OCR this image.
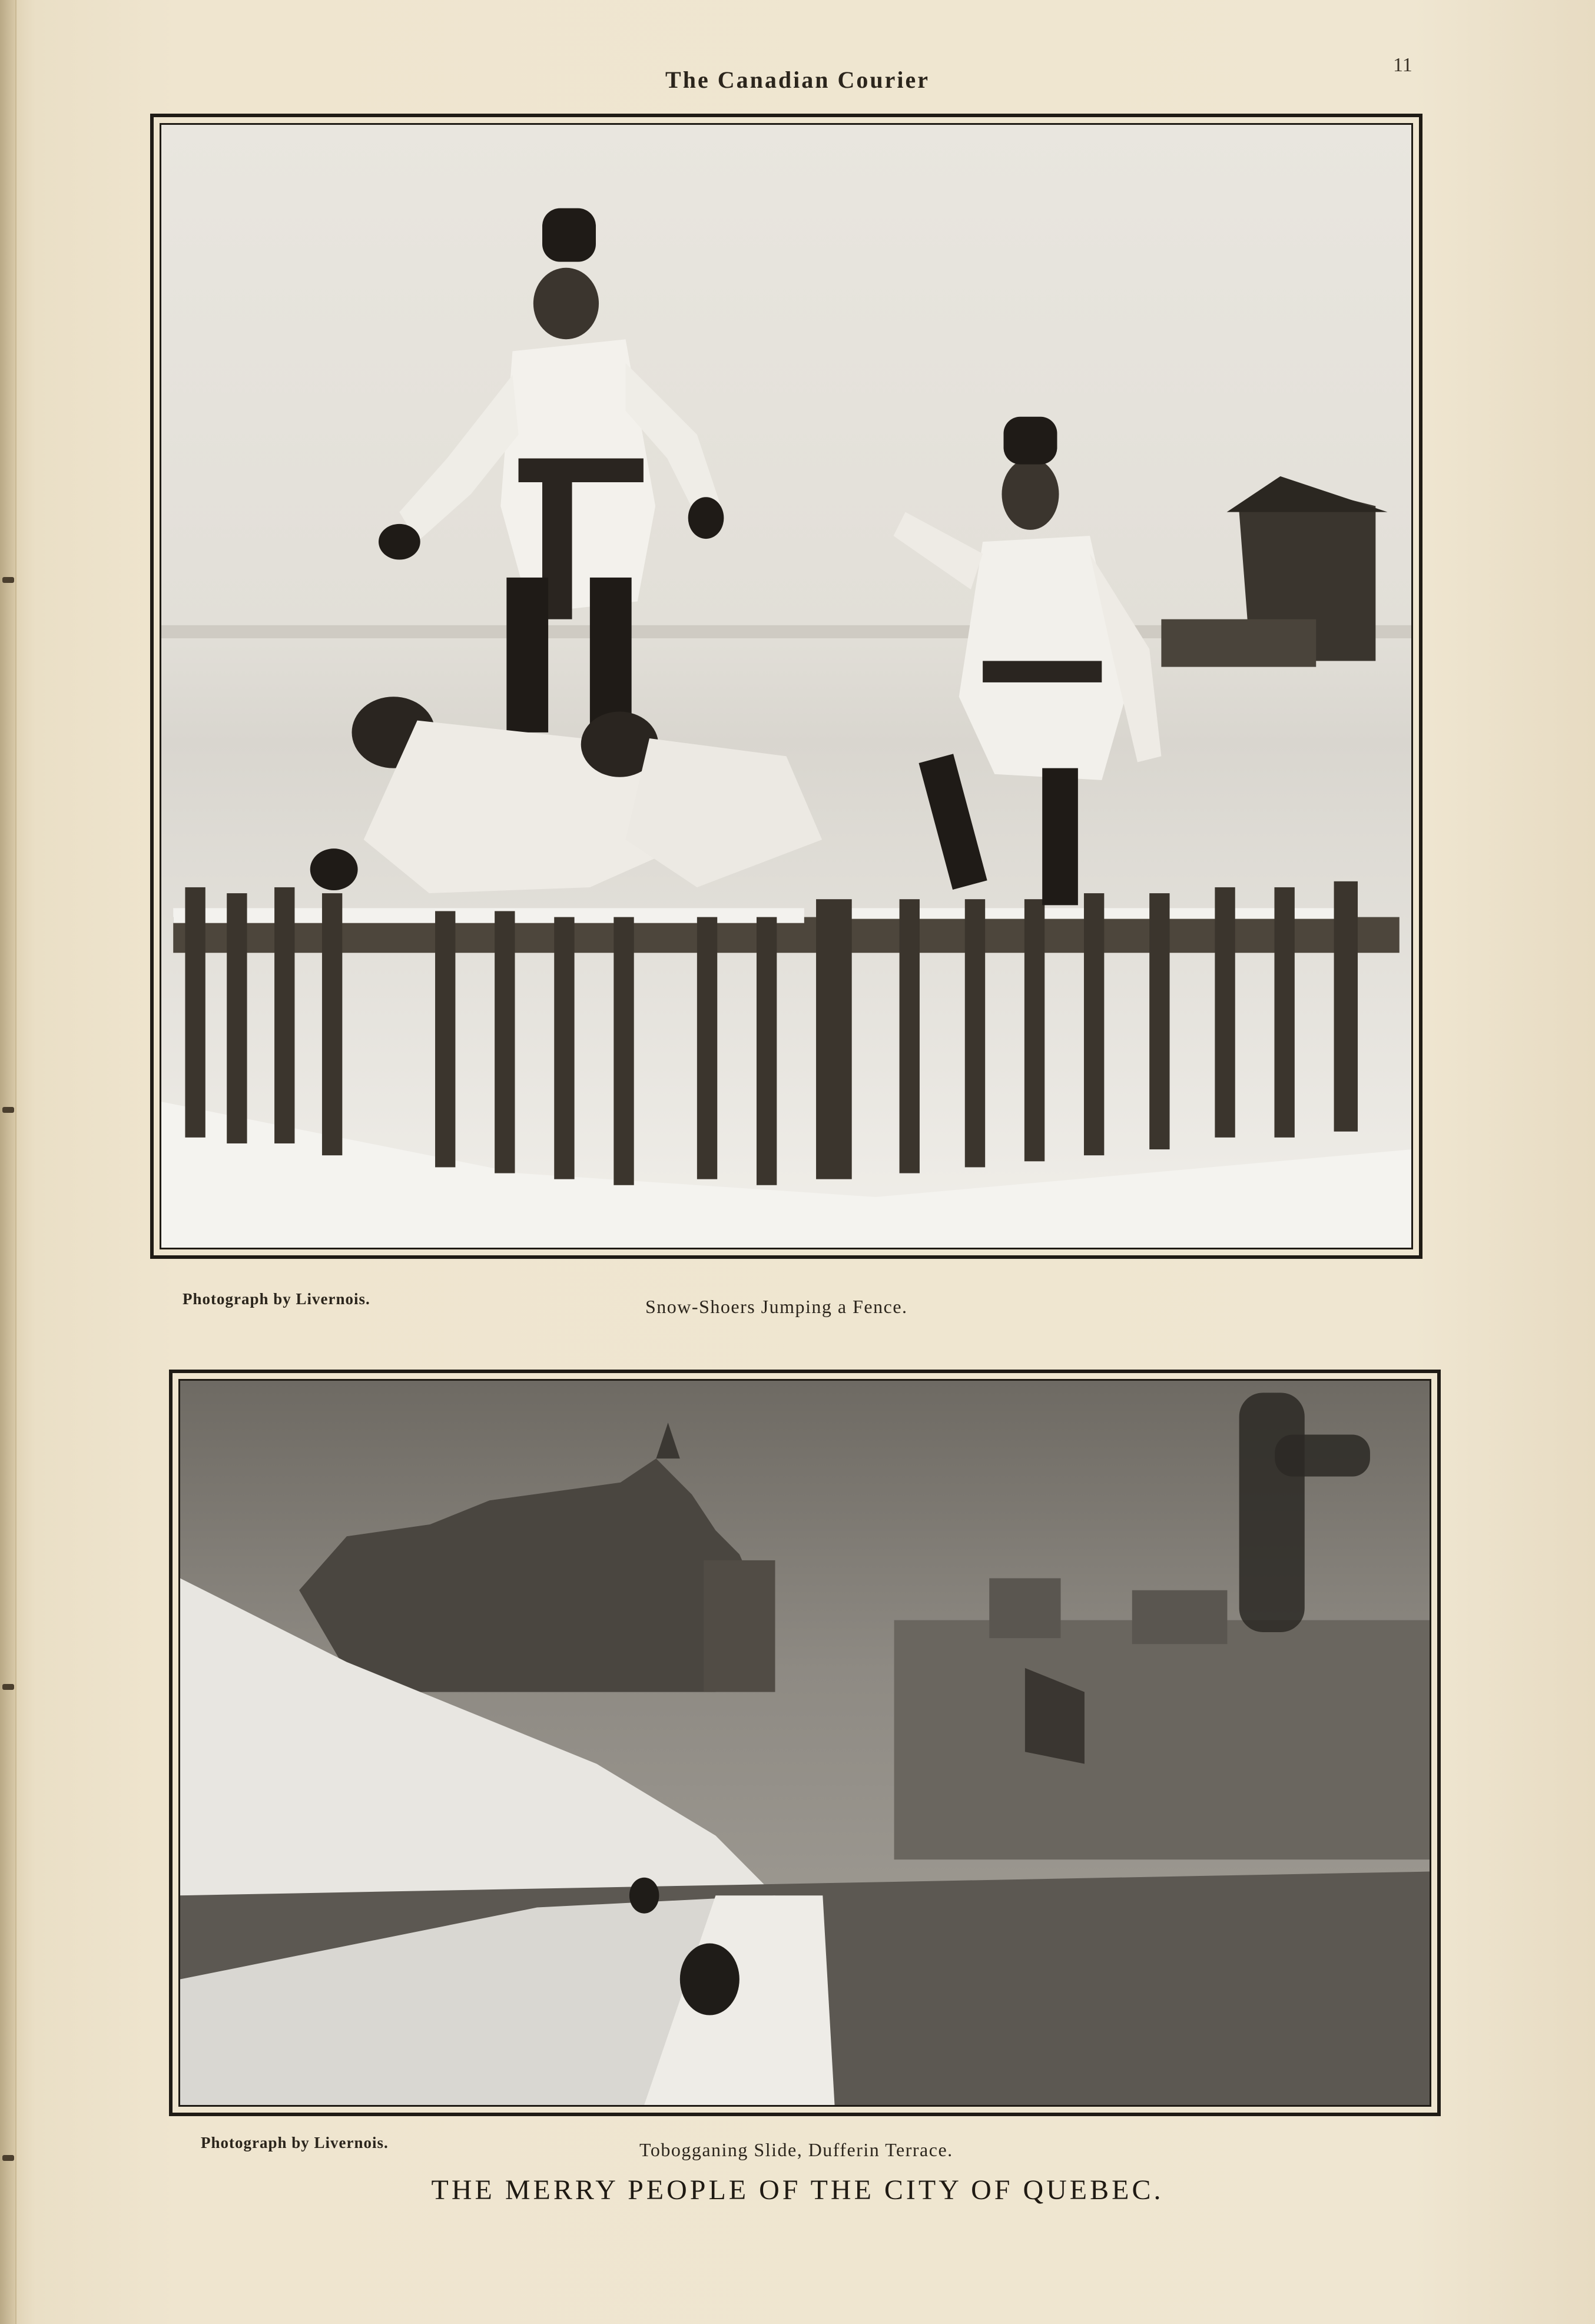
The Canadian Courier
11
Photograph by Livernois.	Snow-Shoers Jumping a Fence.
Photograph by Livernois.	Tobogganing Slide, Dufferin Terrace.
THE MERRY PEOPLE OF THE CITY OF QUEBEC.
